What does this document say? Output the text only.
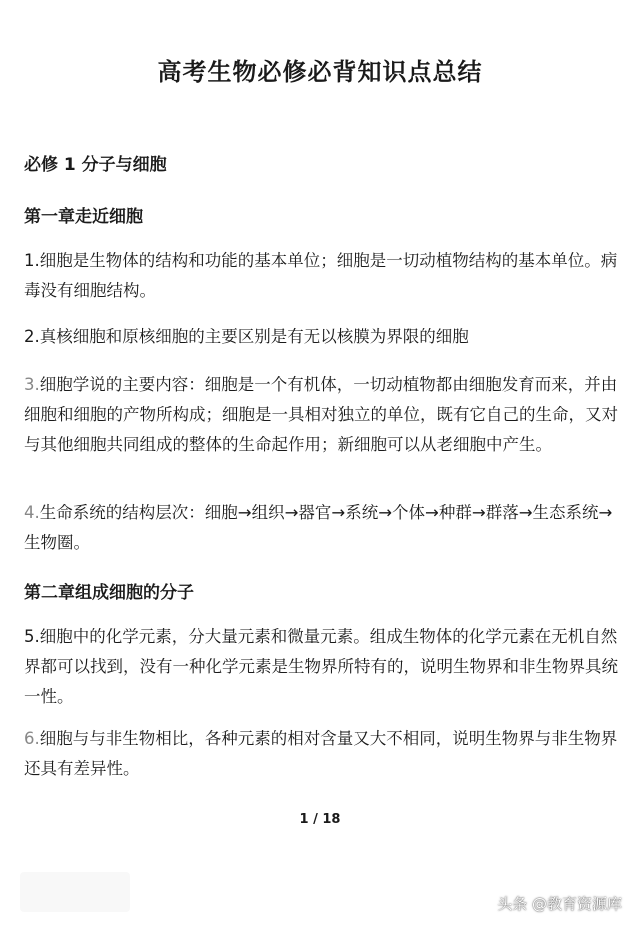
高考生物必修必背知识点总结
必修 1 分子与细胞
第一章走近细胞
1.细胞是生物体的结构和功能的基本单位；细胞是一切动植物结构的基本单位。病毒没有细胞结构。
2.真核细胞和原核细胞的主要区别是有无以核膜为界限的细胞
3.细胞学说的主要内容：细胞是一个有机体，一切动植物都由细胞发育而来，并由细胞和细胞的产物所构成；细胞是一具相对独立的单位，既有它自己的生命，又对与其他细胞共同组成的整体的生命起作用；新细胞可以从老细胞中产生。
4.生命系统的结构层次：细胞→组织→器官→系统→个体→种群→群落→生态系统→生物圈。
第二章组成细胞的分子
5.细胞中的化学元素，分大量元素和微量元素。组成生物体的化学元素在无机自然界都可以找到，没有一种化学元素是生物界所特有的，说明生物界和非生物界具统一性。
6.细胞与与非生物相比，各种元素的相对含量又大不相同，说明生物界与非生物界还具有差异性。
1 / 18
头条 @教育资源库
